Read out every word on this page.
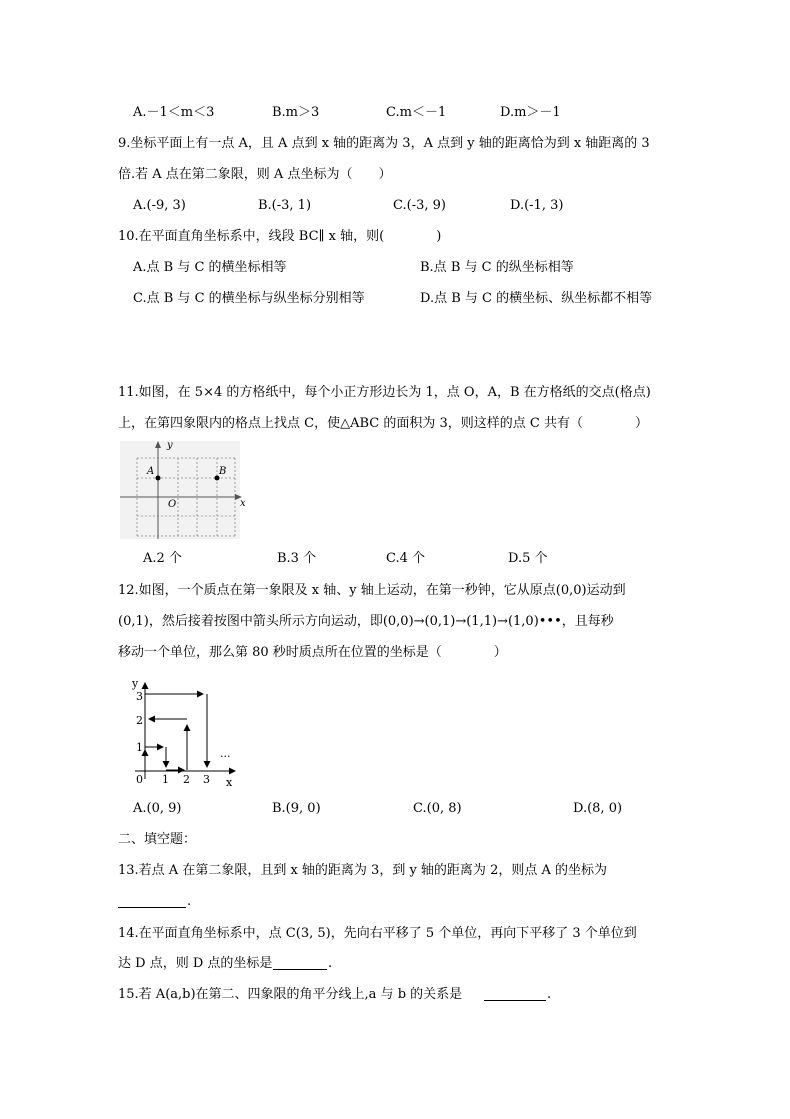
A.－1＜m＜3	B.m＞3	C.m＜－1	D.m＞－1
9.坐标平面上有一点 A，且 A 点到 x 轴的距离为 3，A 点到 y 轴的距离恰为到 x 轴距离的 3
倍.若 A 点在第二象限，则 A 点坐标为（　　）
A.(-9, 3)	B.(-3, 1)	C.(-3, 9)	D.(-1, 3)
10.在平面直角坐标系中，线段 BC∥ x 轴，则(　　　　)
A.点 B 与 C 的横坐标相等	B.点 B 与 C 的纵坐标相等
C.点 B 与 C 的横坐标与纵坐标分别相等	D.点 B 与 C 的横坐标、纵坐标都不相等
11.如图，在 5×4 的方格纸中，每个小正方形边长为 1，点 O，A，B 在方格纸的交点(格点)
上，在第四象限内的格点上找点 C，使△ABC 的面积为 3，则这样的点 C 共有（　　　　）
y
x
O
A	B
A.2 个	B.3 个	C.4 个	D.5 个
12.如图，一个质点在第一象限及 x 轴、y 轴上运动，在第一秒钟，它从原点(0,0)运动到
(0,1)，然后接着按图中箭头所示方向运动，即(0,0)→(0,1)→(1,1)→(1,0)•••，且每秒
移动一个单位，那么第 80 秒时质点所在位置的坐标是（　　　　）
...
y
x
0 1 2 3
1
2
3
A.(0, 9)	B.(9, 0)	C.(0, 8)	D.(8, 0)
二、填空题：
13.若点 A 在第二象限，且到 x 轴的距离为 3，到 y 轴的距离为 2，则点 A 的坐标为
.
14.在平面直角坐标系中，点 C(3, 5)，先向右平移了 5 个单位，再向下平移了 3 个单位到
达 D 点，则 D 点的坐标是	.
15.若 A(a,b)在第二、四象限的角平分线上,a 与 b 的关系是	.
